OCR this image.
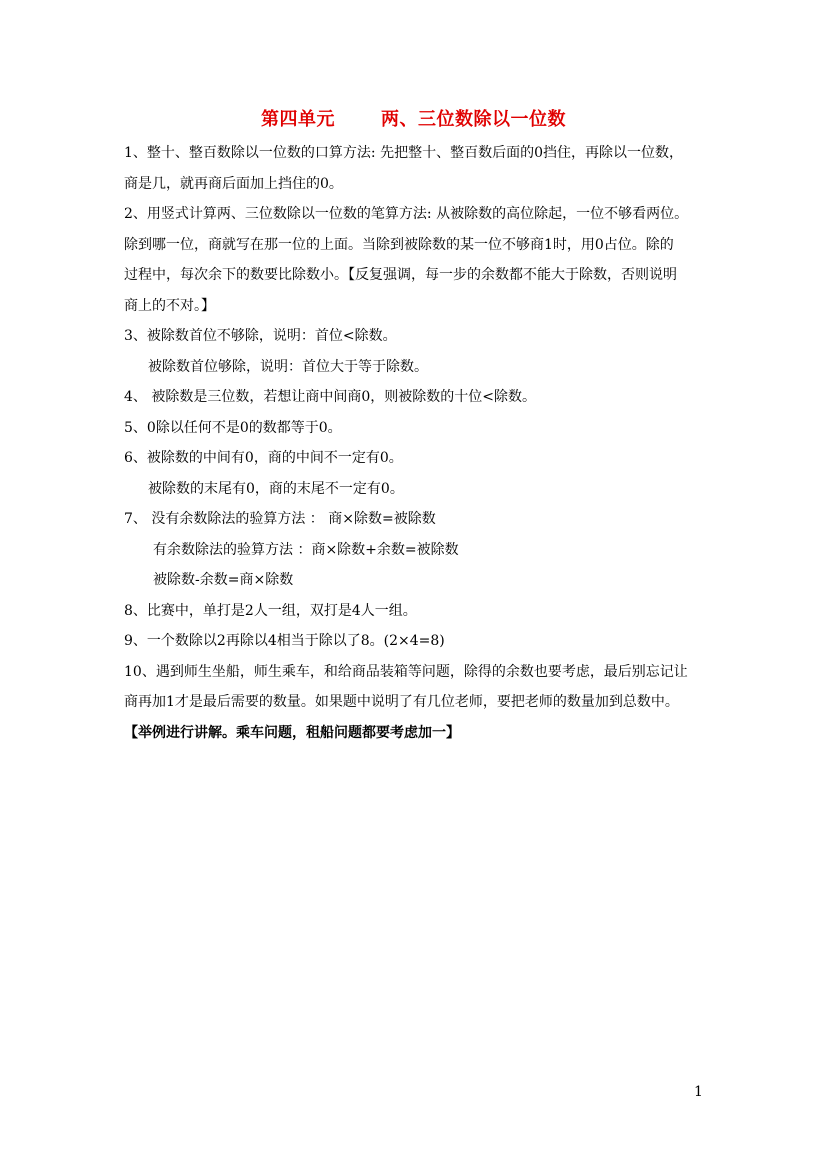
第四单元	两、三位数除以一位数

1、整十、整百数除以一位数的口算方法: 先把整十、整百数后面的0挡住，再除以一位数，

商是几，就再商后面加上挡住的0。

2、用竖式计算两、三位数除以一位数的笔算方法: 从被除数的高位除起，一位不够看两位。

除到哪一位，商就写在那一位的上面。当除到被除数的某一位不够商1时，用0占位。除的

过程中，每次余下的数要比除数小。【反复强调，每一步的余数都不能大于除数，否则说明

商上的不对。】

3、被除数首位不够除，说明：首位<除数。

被除数首位够除，说明：首位大于等于除数。

4、 被除数是三位数，若想让商中间商0，则被除数的十位<除数。

5、0除以任何不是0的数都等于0。

6、被除数的中间有0，商的中间不一定有0。

被除数的末尾有0，商的末尾不一定有0。

7、 没有余数除法的验算方法 ： 商×除数=被除数

有余数除法的验算方法 ：商×除数+余数=被除数

被除数-余数=商×除数

8、比赛中，单打是2人一组，双打是4人一组。

9、一个数除以2再除以4相当于除以了8。(2×4=8)

10、遇到师生坐船，师生乘车，和给商品装箱等问题，除得的余数也要考虑，最后别忘记让

商再加1才是最后需要的数量。如果题中说明了有几位老师，要把老师的数量加到总数中。

【举例进行讲解。乘车问题，租船问题都要考虑加一】

1
